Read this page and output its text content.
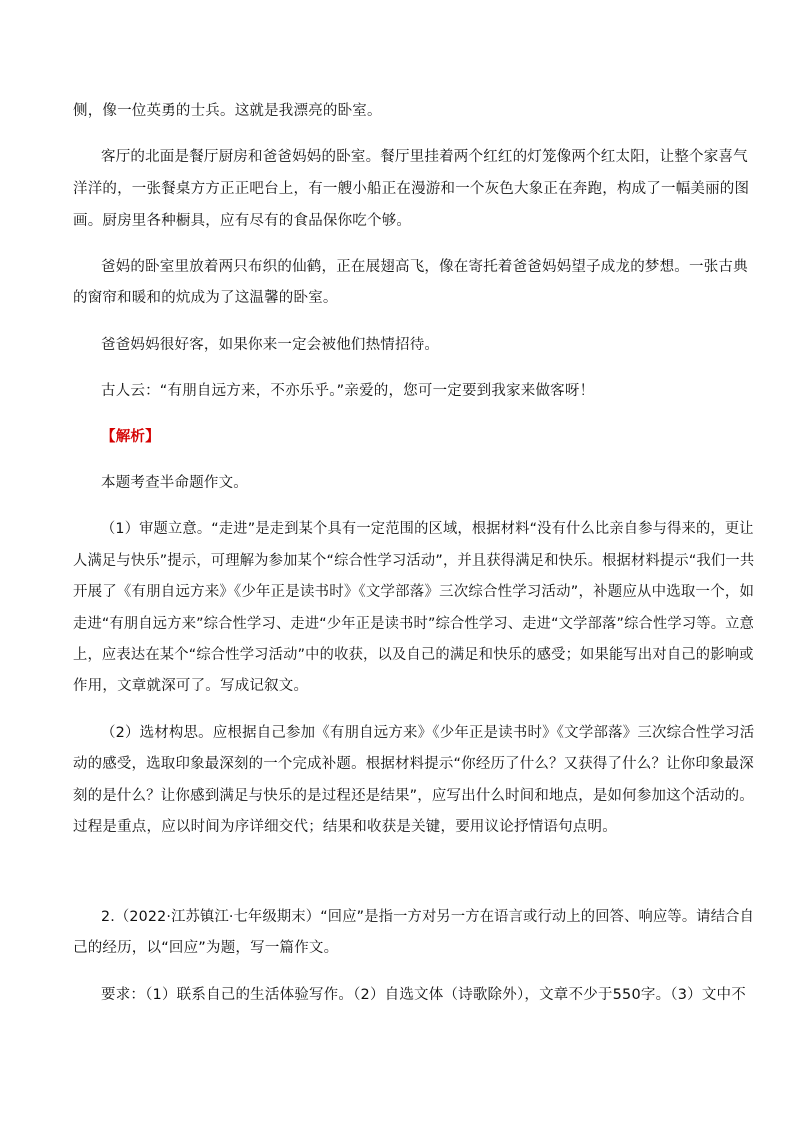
侧，像一位英勇的士兵。这就是我漂亮的卧室。
客厅的北面是餐厅厨房和爸爸妈妈的卧室。餐厅里挂着两个红红的灯笼像两个红太阳，让整个家喜气
洋洋的，一张餐桌方方正正吧台上，有一艘小船正在漫游和一个灰色大象正在奔跑，构成了一幅美丽的图
画。厨房里各种橱具，应有尽有的食品保你吃个够。
爸妈的卧室里放着两只布织的仙鹤，正在展翅高飞，像在寄托着爸爸妈妈望子成龙的梦想。一张古典
的窗帘和暖和的炕成为了这温馨的卧室。
爸爸妈妈很好客，如果你来一定会被他们热情招待。
古人云：“有朋自远方来，不亦乐乎。”亲爱的，您可一定要到我家来做客呀！
【解析】
本题考查半命题作文。
（1）审题立意。“走进”是走到某个具有一定范围的区域，根据材料“没有什么比亲自参与得来的，更让
人满足与快乐”提示，可理解为参加某个“综合性学习活动”，并且获得满足和快乐。根据材料提示“我们一共
开展了《有朋自远方来》《少年正是读书时》《文学部落》三次综合性学习活动”，补题应从中选取一个，如
走进“有朋自远方来”综合性学习、走进“少年正是读书时”综合性学习、走进“文学部落”综合性学习等。立意
上，应表达在某个“综合性学习活动”中的收获，以及自己的满足和快乐的感受；如果能写出对自己的影响或
作用，文章就深可了。写成记叙文。
（2）选材构思。应根据自己参加《有朋自远方来》《少年正是读书时》《文学部落》三次综合性学习活
动的感受，选取印象最深刻的一个完成补题。根据材料提示“你经历了什么？又获得了什么？让你印象最深
刻的是什么？让你感到满足与快乐的是过程还是结果”，应写出什么时间和地点，是如何参加这个活动的。
过程是重点，应以时间为序详细交代；结果和收获是关键，要用议论抒情语句点明。
2.（2022·江苏镇江·七年级期末）“回应”是指一方对另一方在语言或行动上的回答、响应等。请结合自
己的经历，以“回应”为题，写一篇作文。
要求：（1）联系自己的生活体验写作。（2）自选文体（诗歌除外），文章不少于550字。（3）文中不
